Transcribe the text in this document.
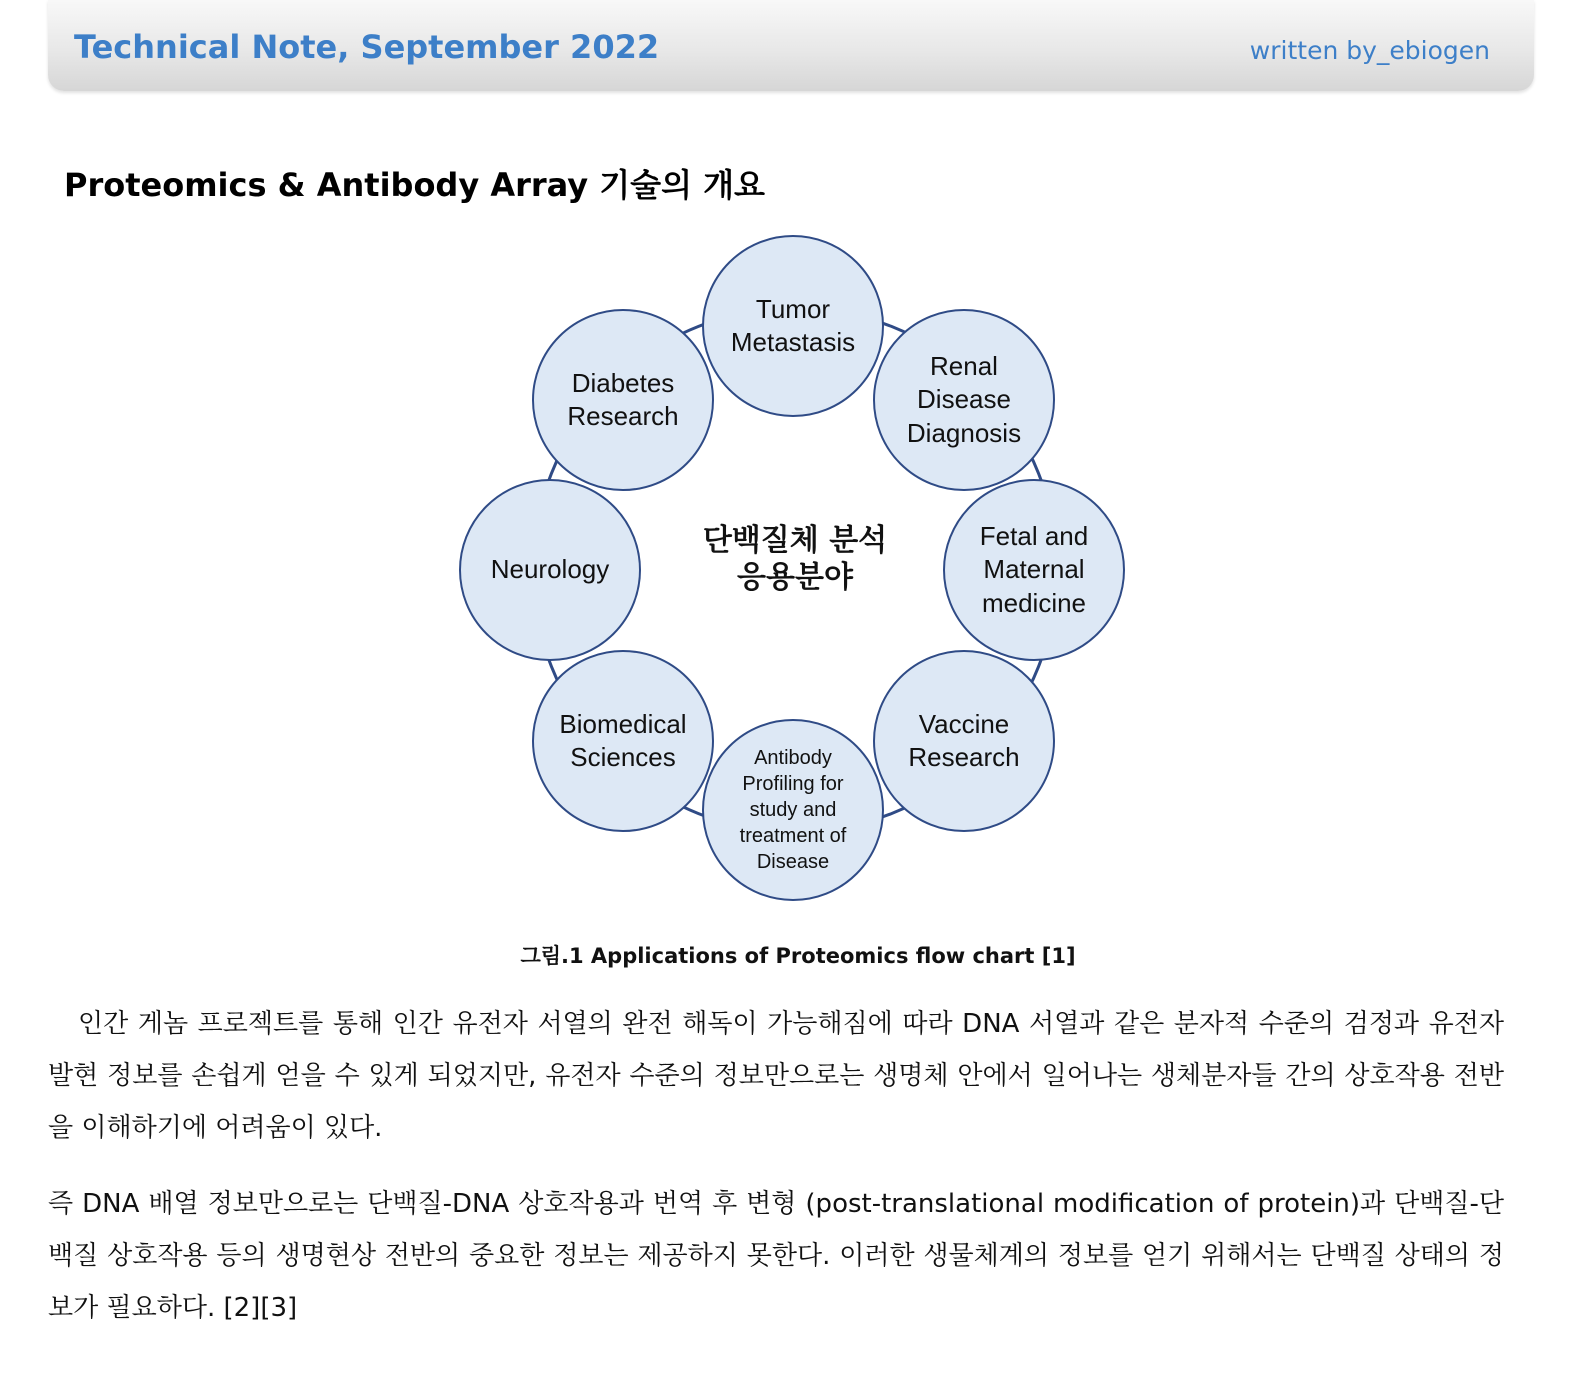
Technical Note, September 2022	written by_ebiogen
Proteomics & Antibody Array 기술의 개요
단백질체 분석
응용분야
Tumor
Metastasis
Renal
Disease
Diagnosis
Fetal and
Maternal
medicine
Vaccine
Research
Antibody
Profiling for
study and
treatment of
Disease
Biomedical
Sciences
Neurology
Diabetes
Research
그림.1 Applications of Proteomics flow chart [1]

인간 게놈 프로젝트를 통해 인간 유전자 서열의 완전 해독이 가능해짐에 따라 DNA 서열과 같은 분자적 수준의 검정과 유전자 발현 정보를 손쉽게 얻을 수 있게 되었지만, 유전자 수준의 정보만으로는 생명체 안에서 일어나는 생체분자들 간의 상호작용 전반을 이해하기에 어려움이 있다.

즉 DNA 배열 정보만으로는 단백질-DNA 상호작용과 번역 후 변형 (post-translational modification of protein)과 단백질-단백질 상호작용 등의 생명현상 전반의 중요한 정보는 제공하지 못한다. 이러한 생물체계의 정보를 얻기 위해서는 단백질 상태의 정보가 필요하다. [2][3]
